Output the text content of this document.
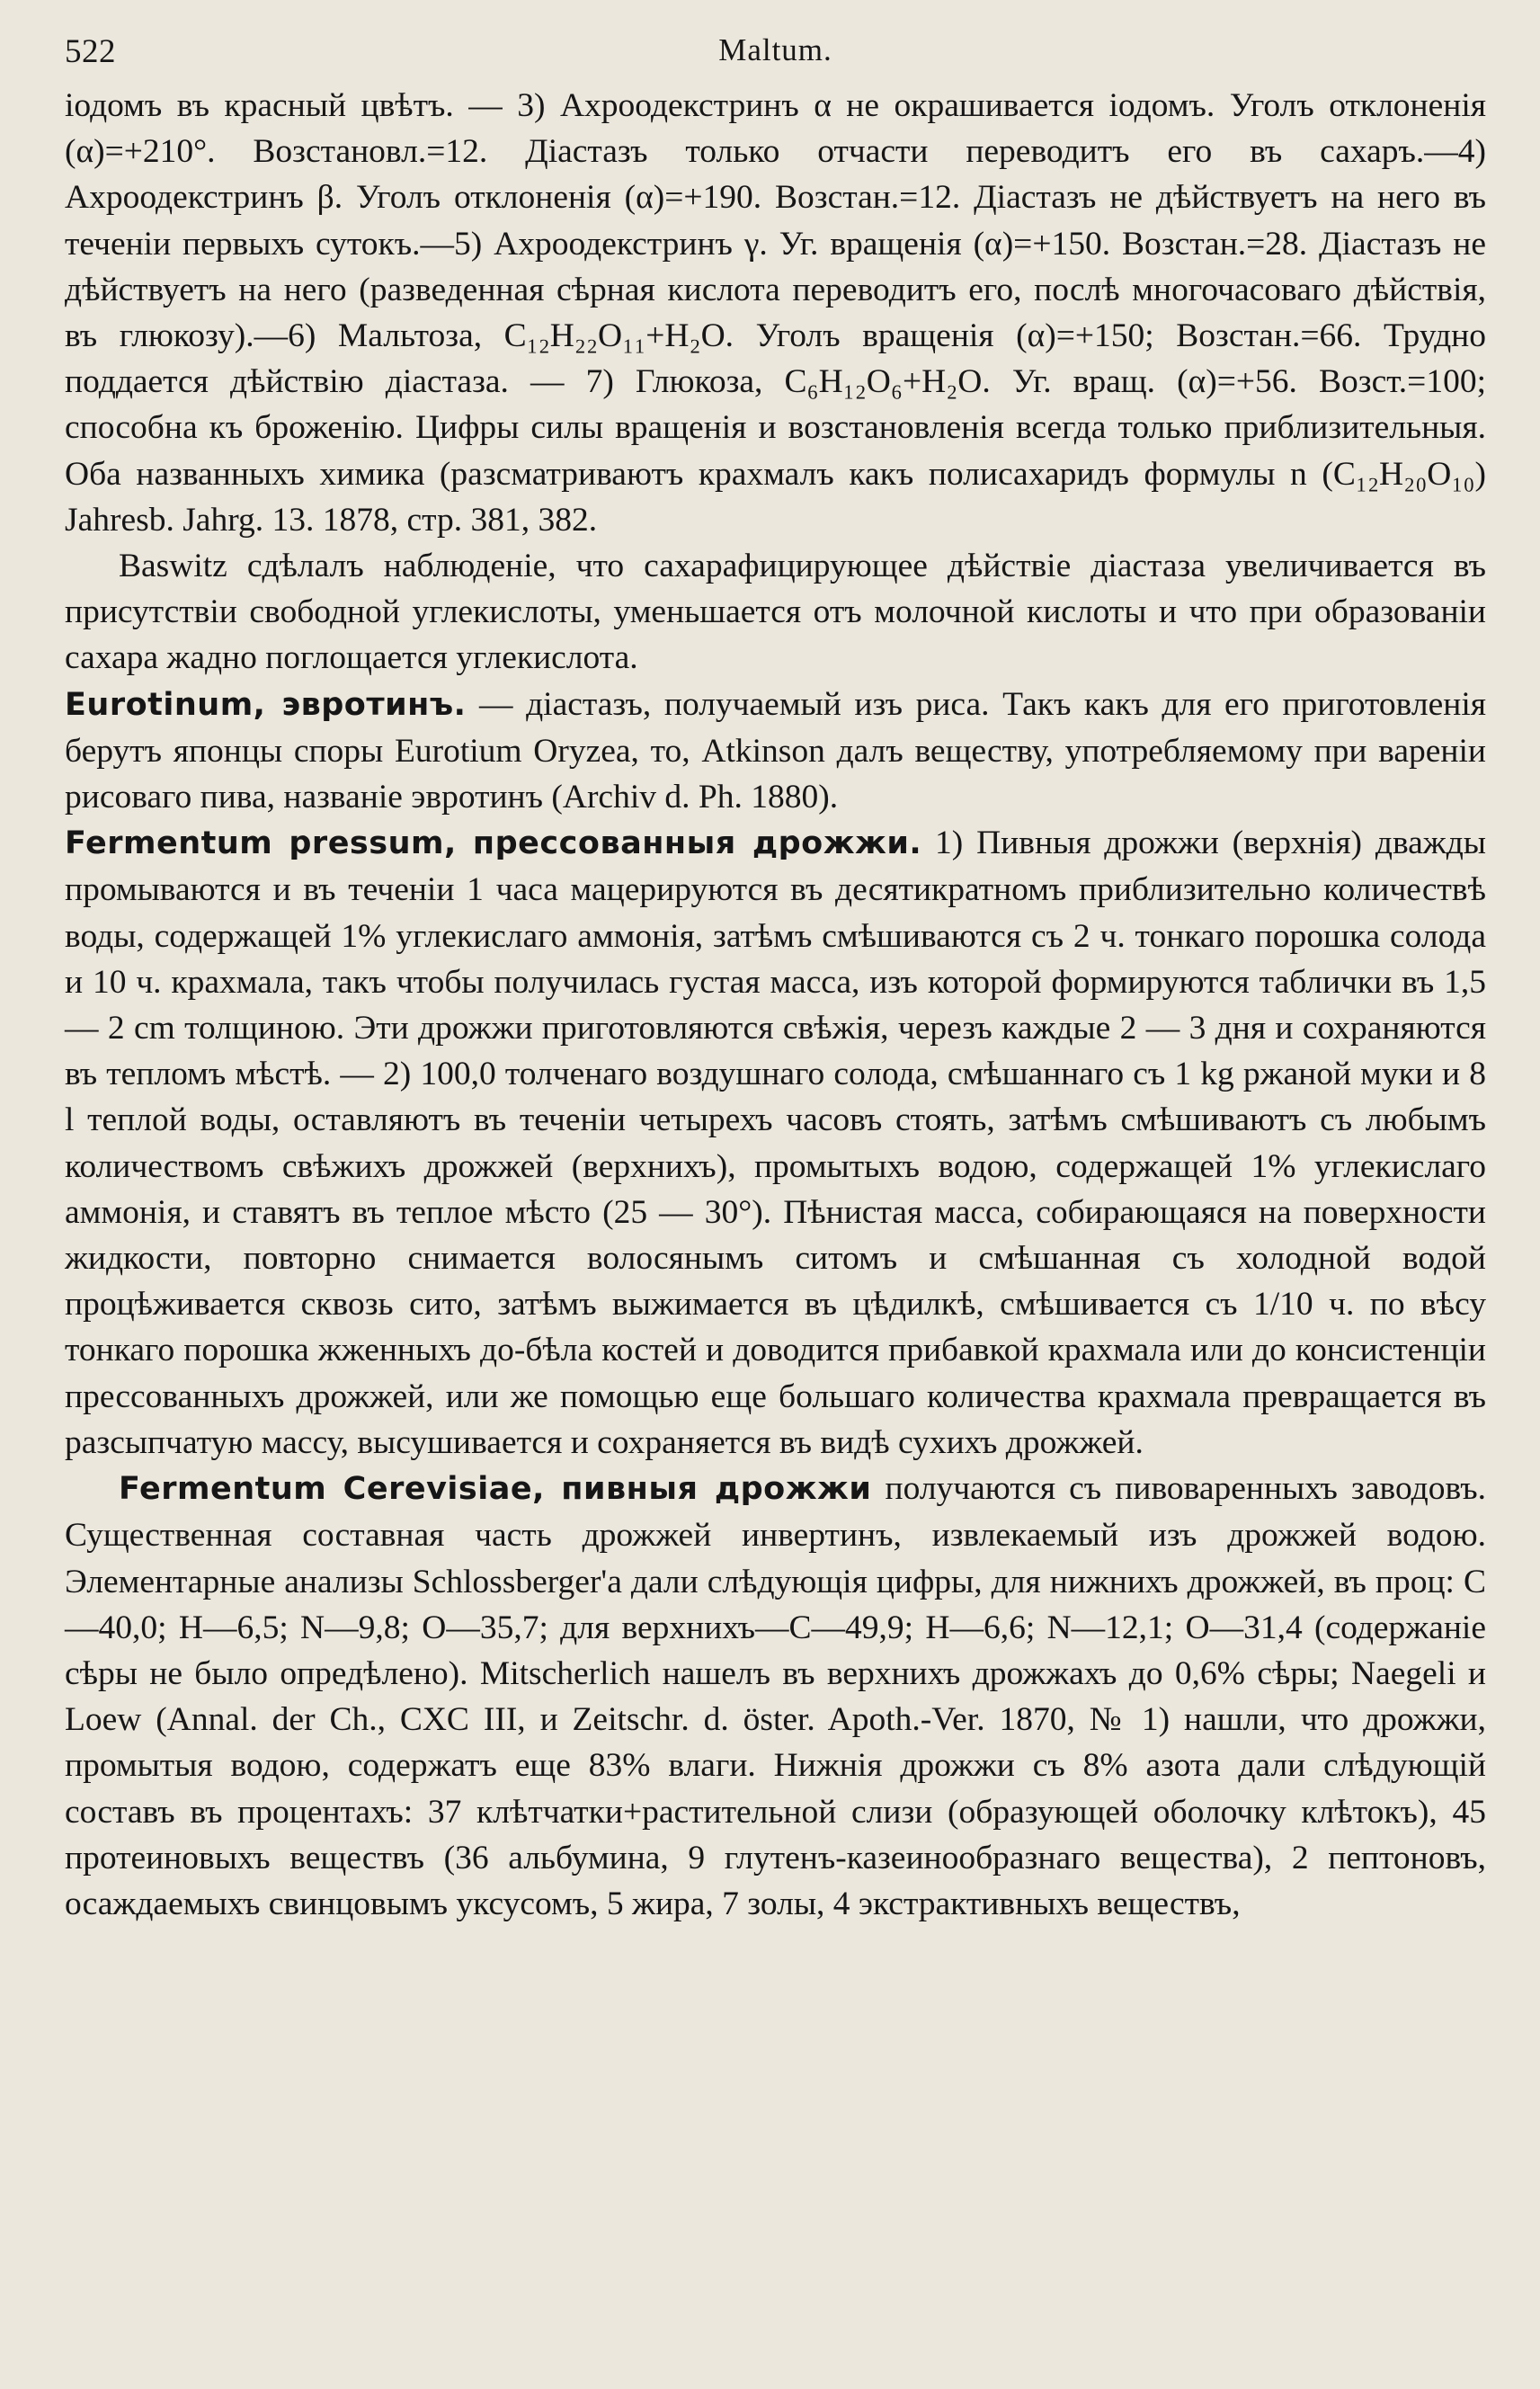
522	Maltum.

іодомъ въ красный цвѣтъ. — 3) Ахроодекстринъ α не окрашивается іодомъ. Уголъ отклоненія (α)=+210°. Возстановл.=12. Діастазъ только отчасти переводитъ его въ сахаръ.—4) Ахроодекстринъ β. Уголъ отклоненія (α)=+190. Возстан.=12. Діастазъ не дѣйствуетъ на него въ теченіи первыхъ сутокъ.—5) Ахроодекстринъ γ. Уг. вращенія (α)=+150. Возстан.=28. Діастазъ не дѣйствуетъ на него (разведенная сѣрная кислота переводитъ его, послѣ многочасоваго дѣйствія, въ глюкозу).—6) Мальтоза, C₁₂H₂₂O₁₁+H₂O. Уголъ вращенія (α)=+150; Возстан.=66. Трудно поддается дѣйствію діастаза. — 7) Глюкоза, C₆H₁₂O₆+H₂O. Уг. вращ. (α)=+56. Возст.=100; способна къ броженію. Цифры силы вращенія и возстановленія всегда только приблизительныя. Оба названныхъ химика (разсматриваютъ крахмалъ какъ полисахаридъ формулы n (C₁₂H₂₀O₁₀) Jahresb. Jahrg. 13. 1878, стр. 381, 382.

Baswitz сдѣлалъ наблюденіе, что сахарафицирующее дѣйствіе діастаза увеличивается въ присутствіи свободной углекислоты, уменьшается отъ молочной кислоты и что при образованіи сахара жадно поглощается углекислота.

Eurotinum, эвротинъ. — діастазъ, получаемый изъ риса. Такъ какъ для его приготовленія берутъ японцы споры Eurotium Oryzea, то, Atkinson далъ веществу, употребляемому при вареніи рисоваго пива, названіе эвротинъ (Archiv d. Ph. 1880).

Fermentum pressum, прессованныя дрожжи. 1) Пивныя дрожжи (верхнія) дважды промываются и въ теченіи 1 часа мацерируются въ десятикратномъ приблизительно количествѣ воды, содержащей 1% углекислаго аммонія, затѣмъ смѣшиваются съ 2 ч. тонкаго порошка солода и 10 ч. крахмала, такъ чтобы получилась густая масса, изъ которой формируются таблички въ 1,5 — 2 cm толщиною. Эти дрожжи приготовляются свѣжія, черезъ каждые 2 — 3 дня и сохраняются въ тепломъ мѣстѣ. — 2) 100,0 толченаго воздушнаго солода, смѣшаннаго съ 1 kg ржаной муки и 8 l теплой воды, оставляютъ въ теченіи четырехъ часовъ стоять, затѣмъ смѣшиваютъ съ любымъ количествомъ свѣжихъ дрожжей (верхнихъ), промытыхъ водою, содержащей 1% углекислаго аммонія, и ставятъ въ теплое мѣсто (25 — 30°). Пѣнистая масса, собирающаяся на поверхности жидкости, повторно снимается волосянымъ ситомъ и смѣшанная съ холодной водой процѣживается сквозь сито, затѣмъ выжимается въ цѣдилкѣ, смѣшивается съ 1/10 ч. по вѣсу тонкаго порошка жженныхъ до-бѣла костей и доводится прибавкой крахмала или до консистенціи прессованныхъ дрожжей, или же помощью еще большаго количества крахмала превращается въ разсыпчатую массу, высушивается и сохраняется въ видѣ сухихъ дрожжей.

Fermentum Cerevisiae, пивныя дрожжи получаются съ пивоваренныхъ заводовъ. Существенная составная часть дрожжей инвертинъ, извлекаемый изъ дрожжей водою. Элементарные анализы Schlossberger'а дали слѣдующія цифры, для нижнихъ дрожжей, въ проц: C—40,0; H—6,5; N—9,8; O—35,7; для верхнихъ—C—49,9; H—6,6; N—12,1; O—31,4 (содержаніе сѣры не было опредѣлено). Mitscherlich нашелъ въ верхнихъ дрожжахъ до 0,6% сѣры; Naegeli и Loew (Annal. der Ch., CXC III, и Zeitschr. d. öster. Apoth.-Ver. 1870, № 1) нашли, что дрожжи, промытыя водою, содержатъ еще 83% влаги. Нижнія дрожжи съ 8% азота дали слѣдующій составъ въ процентахъ: 37 клѣтчатки+растительной слизи (образующей оболочку клѣтокъ), 45 протеиновыхъ веществъ (36 альбумина, 9 глутенъ-казеинообразнаго вещества), 2 пептоновъ, осаждаемыхъ свинцовымъ уксусомъ, 5 жира, 7 золы, 4 экстрактивныхъ веществъ,
